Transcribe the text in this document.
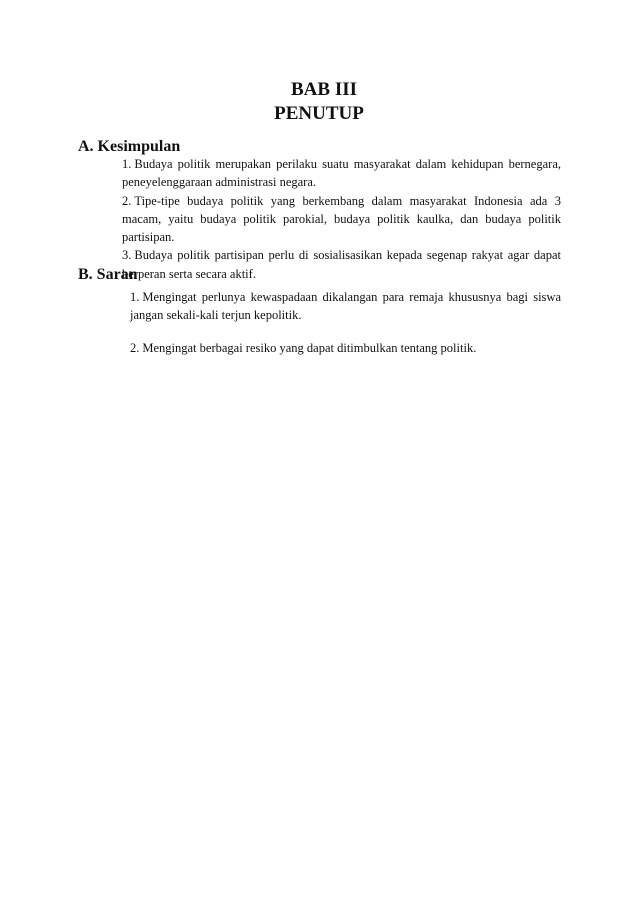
BAB III
PENUTUP
A. Kesimpulan
1. Budaya politik merupakan perilaku suatu masyarakat dalam kehidupan bernegara, peneyelenggaraan administrasi negara.
2. Tipe-tipe budaya politik yang berkembang dalam masyarakat Indonesia ada 3 macam, yaitu budaya politik parokial, budaya politik kaulka, dan budaya politik partisipan.
3. Budaya politik partisipan perlu di sosialisasikan kepada segenap rakyat agar dapat berperan serta secara aktif.
B. Saran
1. Mengingat perlunya kewaspadaan dikalangan para remaja khususnya bagi siswa jangan sekali-kali terjun kepolitik.
2. Mengingat berbagai resiko yang dapat ditimbulkan tentang politik.
